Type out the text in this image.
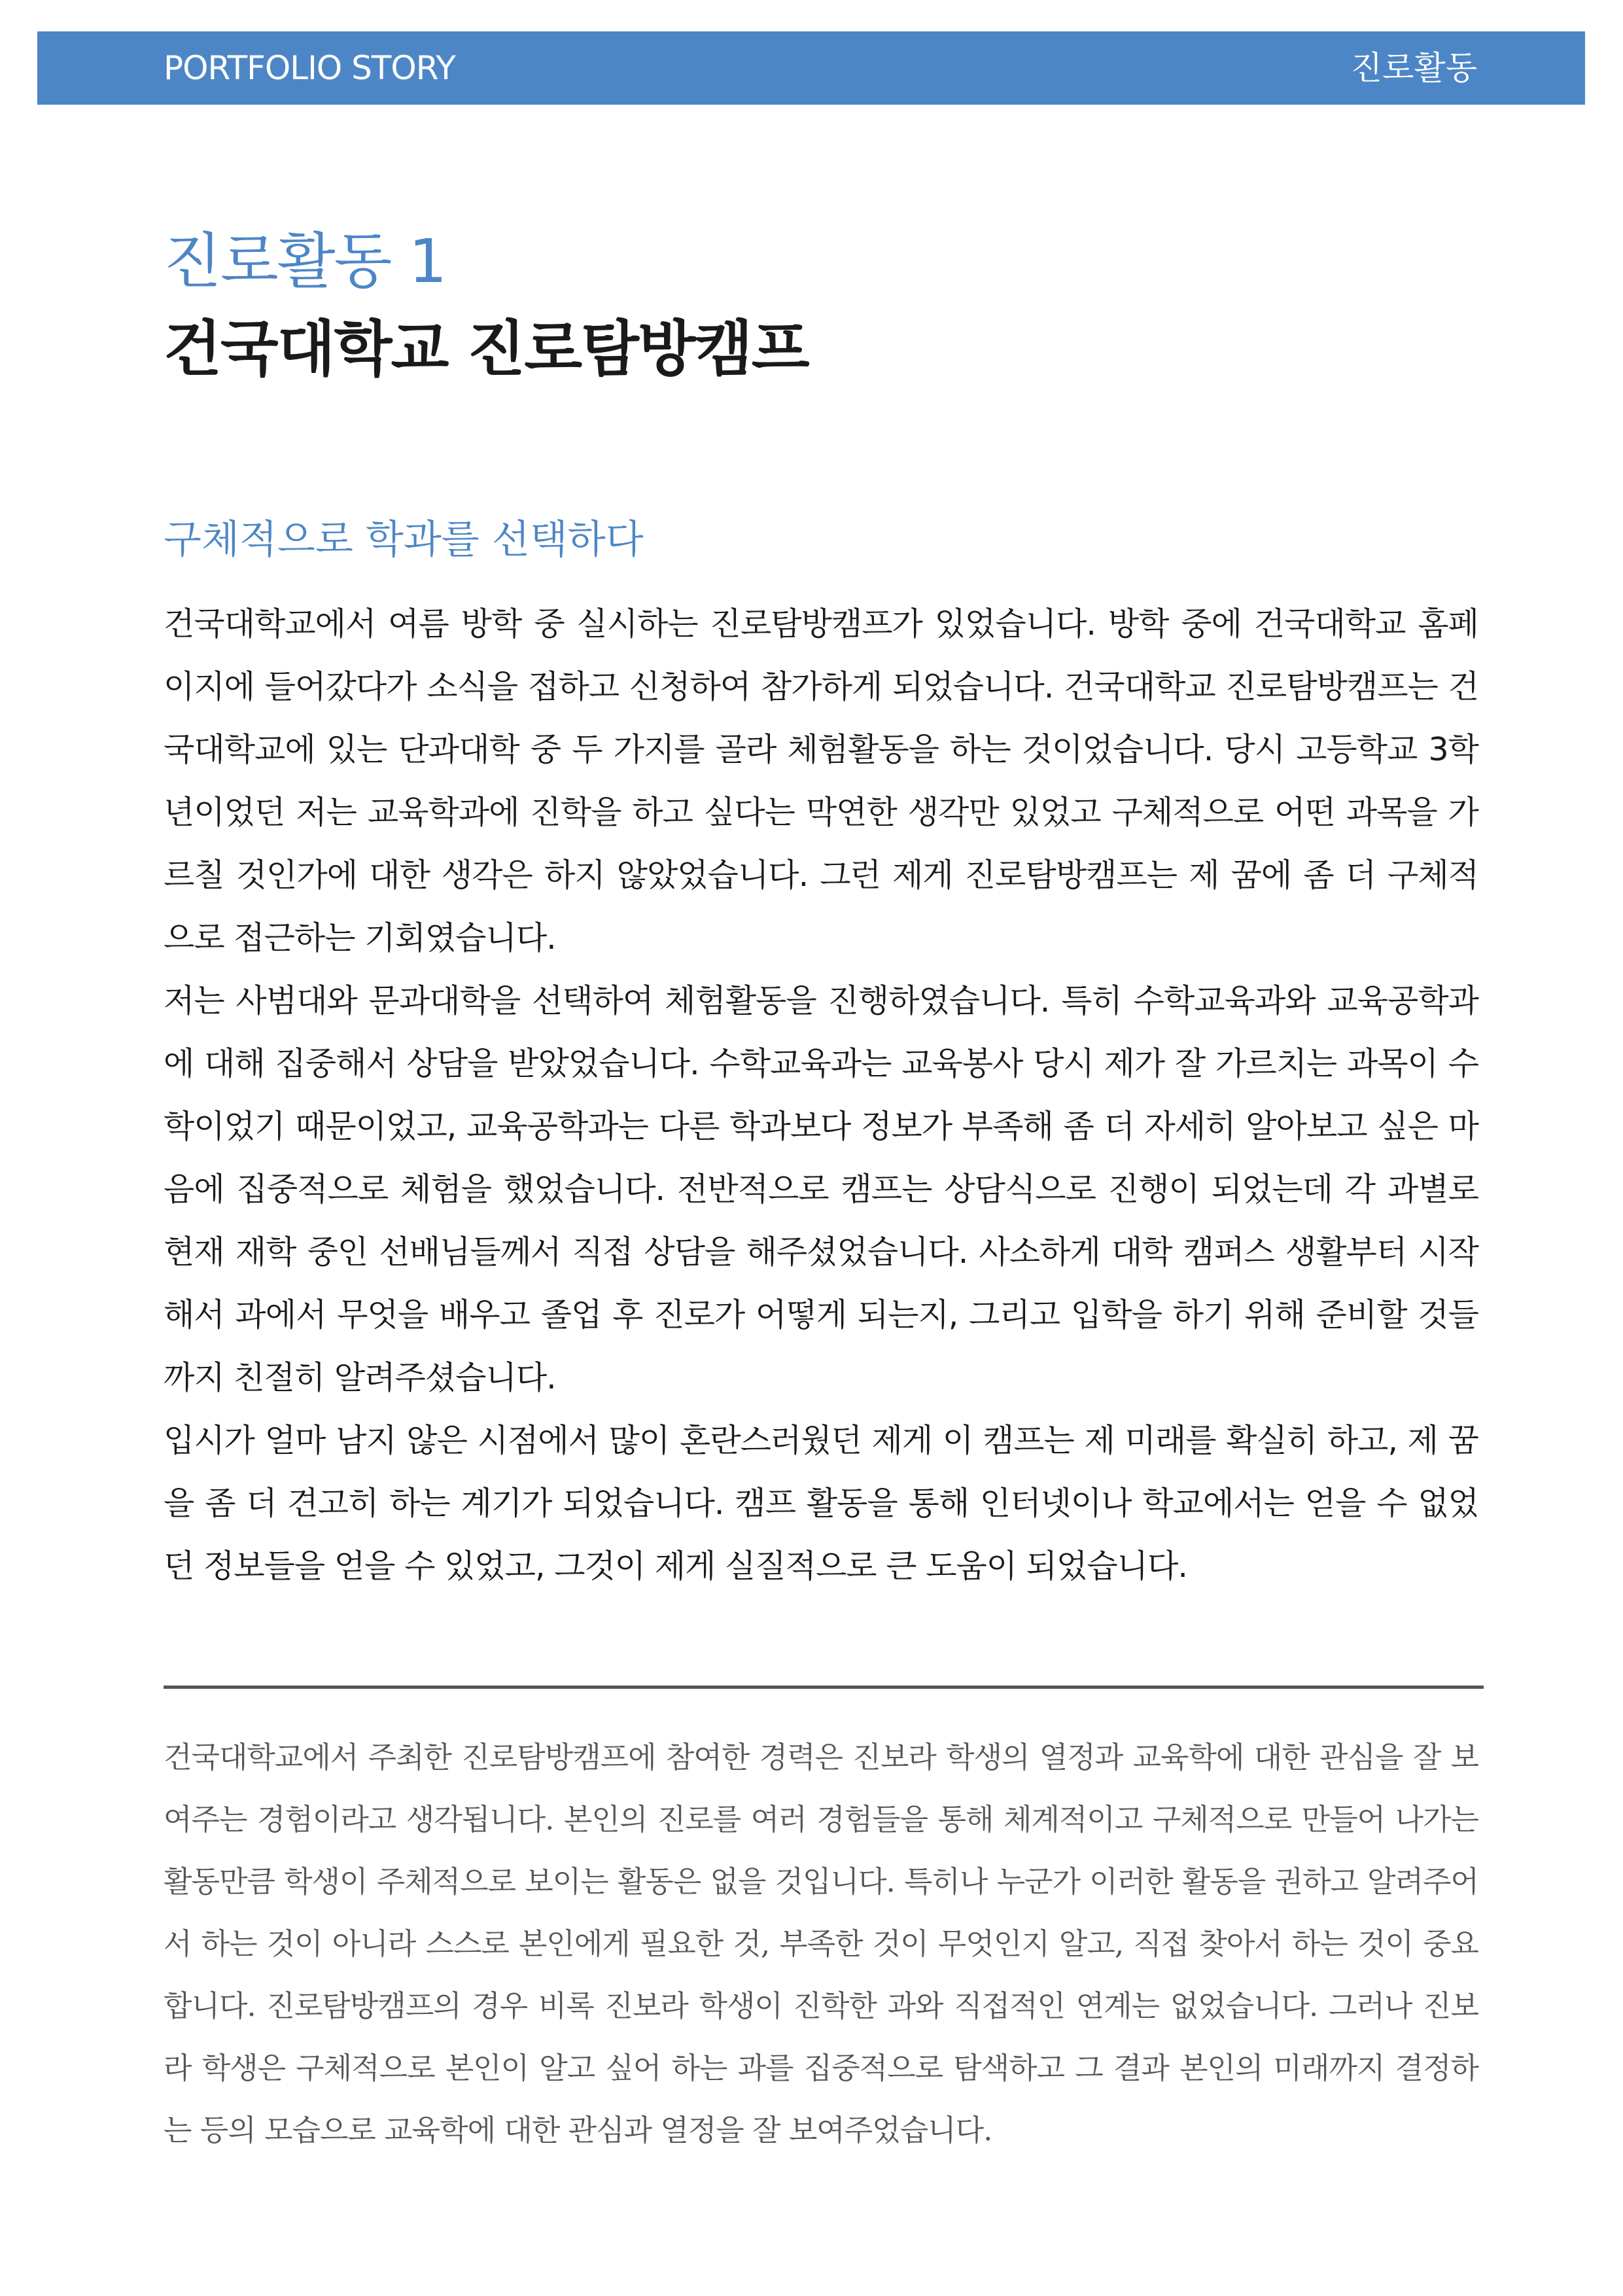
PORTFOLIO STORY	진로활동
진로활동 1
건국대학교 진로탐방캠프
구체적으로 학과를 선택하다

건국대학교에서 여름 방학 중 실시하는 진로탐방캠프가 있었습니다. 방학 중에 건국대학교 홈페이지에 들어갔다가 소식을 접하고 신청하여 참가하게 되었습니다. 건국대학교 진로탐방캠프는 건국대학교에 있는 단과대학 중 두 가지를 골라 체험활동을 하는 것이었습니다. 당시 고등학교 3학년이었던 저는 교육학과에 진학을 하고 싶다는 막연한 생각만 있었고 구체적으로 어떤 과목을 가르칠 것인가에 대한 생각은 하지 않았었습니다. 그런 제게 진로탐방캠프는 제 꿈에 좀 더 구체적으로 접근하는 기회였습니다.

저는 사범대와 문과대학을 선택하여 체험활동을 진행하였습니다. 특히 수학교육과와 교육공학과에 대해 집중해서 상담을 받았었습니다. 수학교육과는 교육봉사 당시 제가 잘 가르치는 과목이 수학이었기 때문이었고, 교육공학과는 다른 학과보다 정보가 부족해 좀 더 자세히 알아보고 싶은 마음에 집중적으로 체험을 했었습니다. 전반적으로 캠프는 상담식으로 진행이 되었는데 각 과별로 현재 재학 중인 선배님들께서 직접 상담을 해주셨었습니다. 사소하게 대학 캠퍼스 생활부터 시작해서 과에서 무엇을 배우고 졸업 후 진로가 어떻게 되는지, 그리고 입학을 하기 위해 준비할 것들까지 친절히 알려주셨습니다.

입시가 얼마 남지 않은 시점에서 많이 혼란스러웠던 제게 이 캠프는 제 미래를 확실히 하고, 제 꿈을 좀 더 견고히 하는 계기가 되었습니다. 캠프 활동을 통해 인터넷이나 학교에서는 얻을 수 없었던 정보들을 얻을 수 있었고, 그것이 제게 실질적으로 큰 도움이 되었습니다.

건국대학교에서 주최한 진로탐방캠프에 참여한 경력은 진보라 학생의 열정과 교육학에 대한 관심을 잘 보여주는 경험이라고 생각됩니다. 본인의 진로를 여러 경험들을 통해 체계적이고 구체적으로 만들어 나가는 활동만큼 학생이 주체적으로 보이는 활동은 없을 것입니다. 특히나 누군가 이러한 활동을 권하고 알려주어서 하는 것이 아니라 스스로 본인에게 필요한 것, 부족한 것이 무엇인지 알고, 직접 찾아서 하는 것이 중요합니다. 진로탐방캠프의 경우 비록 진보라 학생이 진학한 과와 직접적인 연계는 없었습니다. 그러나 진보라 학생은 구체적으로 본인이 알고 싶어 하는 과를 집중적으로 탐색하고 그 결과 본인의 미래까지 결정하는 등의 모습으로 교육학에 대한 관심과 열정을 잘 보여주었습니다.
